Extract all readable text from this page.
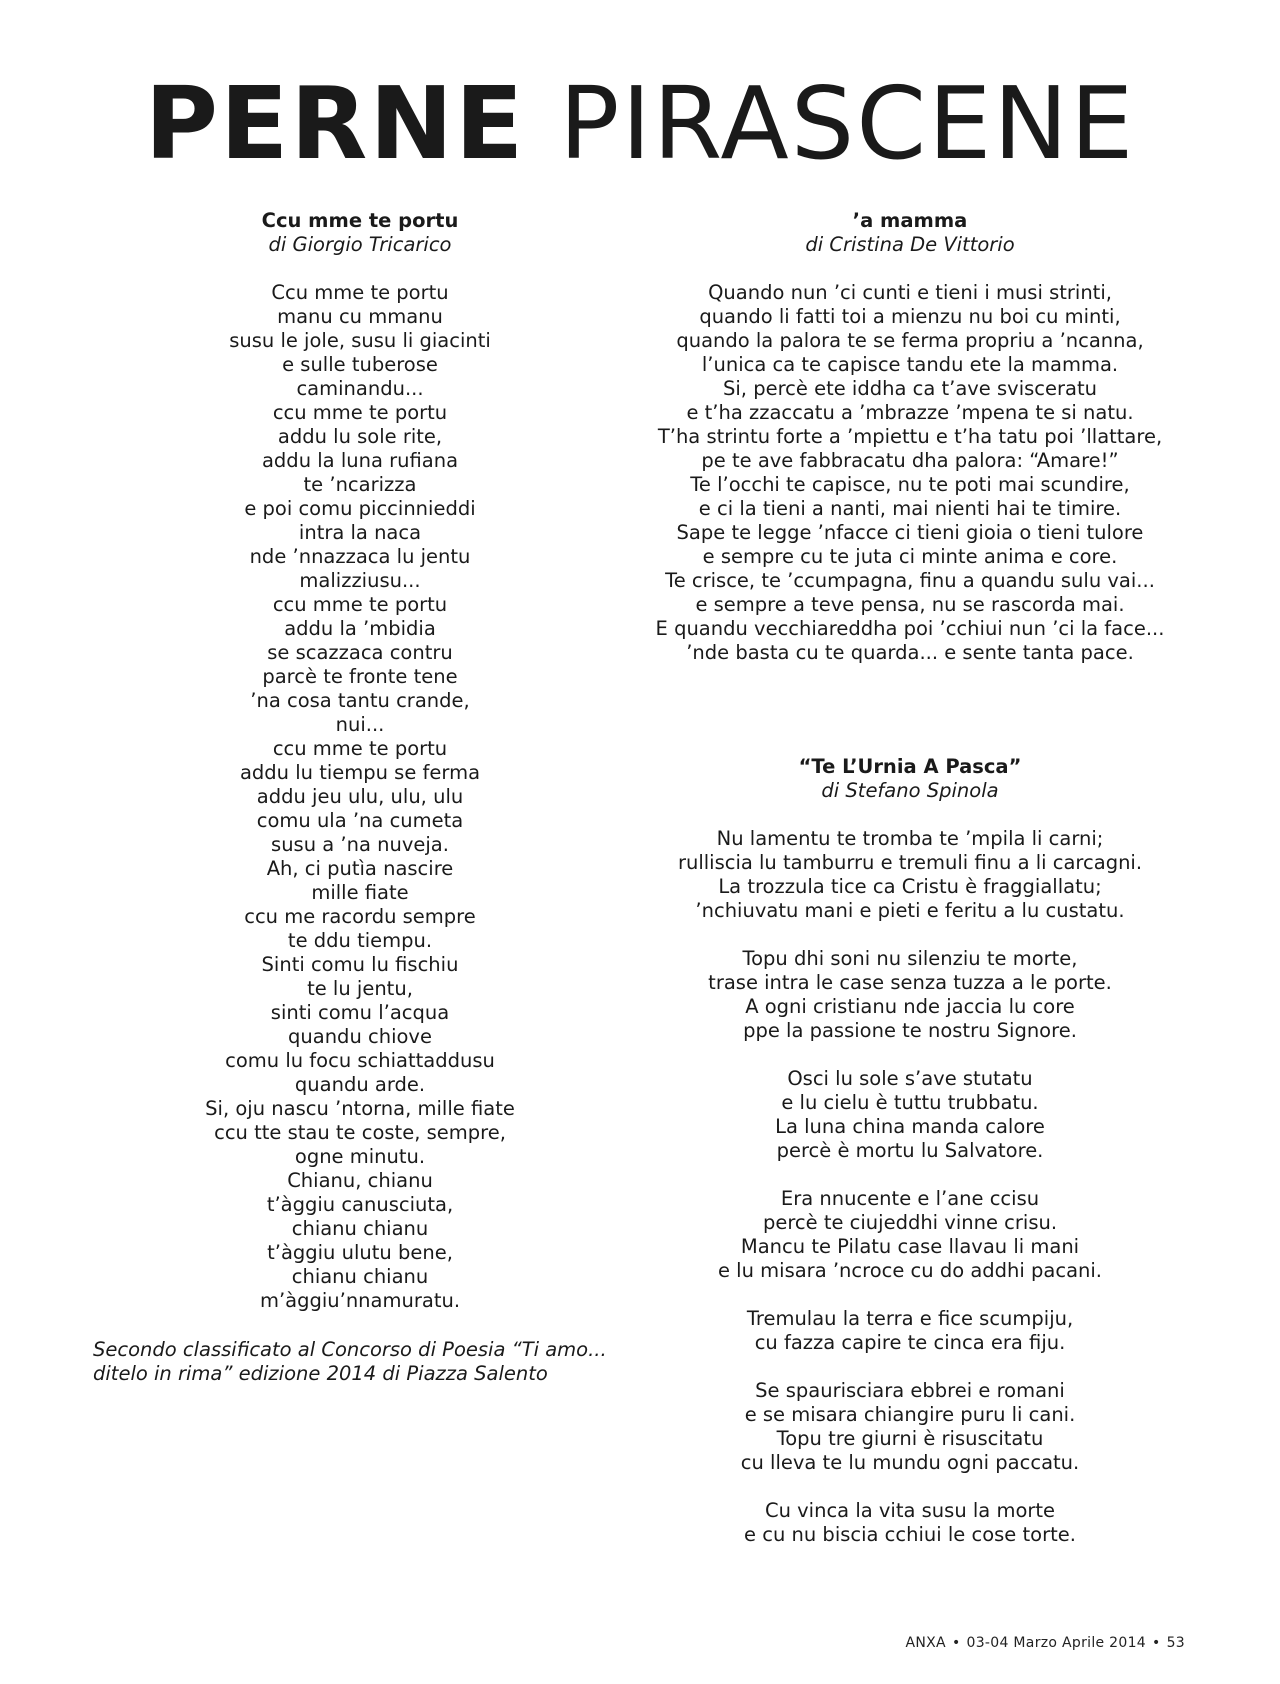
PERNE PIRASCENE
Ccu mme te portu
di Giorgio Tricarico
Ccu mme te portu
manu cu mmanu
susu le jole, susu li giacinti
e sulle tuberose
caminandu...
ccu mme te portu
addu lu sole rite,
addu la luna rufiana
te ’ncarizza
e poi comu piccinnieddi
intra la naca
nde ’nnazzaca lu jentu
malizziusu...
ccu mme te portu
addu la ’mbidia
se scazzaca contru
parcè te fronte tene
’na cosa tantu crande,
nui...
ccu mme te portu
addu lu tiempu se ferma
addu jeu ulu, ulu, ulu
comu ula ’na cumeta
susu a ’na nuveja.
Ah, ci putìa nascire
mille fiate
ccu me racordu sempre
te ddu tiempu.
Sinti comu lu fischiu
te lu jentu,
sinti comu l’acqua
quandu chiove
comu lu focu schiattaddusu
quandu arde.
Si, oju nascu ’ntorna, mille fiate
ccu tte stau te coste, sempre,
ogne minutu.
Chianu, chianu
t’àggiu canusciuta,
chianu chianu
t’àggiu ulutu bene,
chianu chianu
m’àggiu’nnamuratu.
Secondo classificato al Concorso di Poesia “Ti amo...
ditelo in rima” edizione 2014 di Piazza Salento
’a mamma
di Cristina De Vittorio
Quando nun ’ci cunti e tieni i musi strinti,
quando li fatti toi a mienzu nu boi cu minti,
quando la palora te se ferma propriu a ’ncanna,
l’unica ca te capisce tandu ete la mamma.
Si, percè ete iddha ca t’ave svisceratu
e t’ha zzaccatu a ’mbrazze ’mpena te si natu.
T’ha strintu forte a ’mpiettu e t’ha tatu poi ’llattare,
pe te ave fabbracatu dha palora: “Amare!”
Te l’occhi te capisce, nu te poti mai scundire,
e ci la tieni a nanti, mai nienti hai te timire.
Sape te legge ’nfacce ci tieni gioia o tieni tulore
e sempre cu te juta ci minte anima e core.
Te crisce, te ’ccumpagna, finu a quandu sulu vai...
e sempre a teve pensa, nu se rascorda mai.
E quandu vecchiareddha poi ’cchiui nun ’ci la face...
’nde basta cu te quarda... e sente tanta pace.
“Te L’Urnia A Pasca”
di Stefano Spinola
Nu lamentu te tromba te ’mpila li carni;
rulliscia lu tamburru e tremuli finu a li carcagni.
La trozzula tice ca Cristu è fraggiallatu;
’nchiuvatu mani e pieti e feritu a lu custatu.
Topu dhi soni nu silenziu te morte,
trase intra le case senza tuzza a le porte.
A ogni cristianu nde jaccia lu core
ppe la passione te nostru Signore.
Osci lu sole s’ave stutatu
e lu cielu è tuttu trubbatu.
La luna china manda calore
percè è mortu lu Salvatore.
Era nnucente e l’ane ccisu
percè te ciujeddhi vinne crisu.
Mancu te Pilatu case llavau li mani
e lu misara ’ncroce cu do addhi pacani.
Tremulau la terra e fice scumpiju,
cu fazza capire te cinca era fiju.
Se spaurisciara ebbrei e romani
e se misara chiangire puru li cani.
Topu tre giurni è risuscitatu
cu lleva te lu mundu ogni paccatu.
Cu vinca la vita susu la morte
e cu nu biscia cchiui le cose torte.
ANXA • 03-04 Marzo Aprile 2014 • 53
